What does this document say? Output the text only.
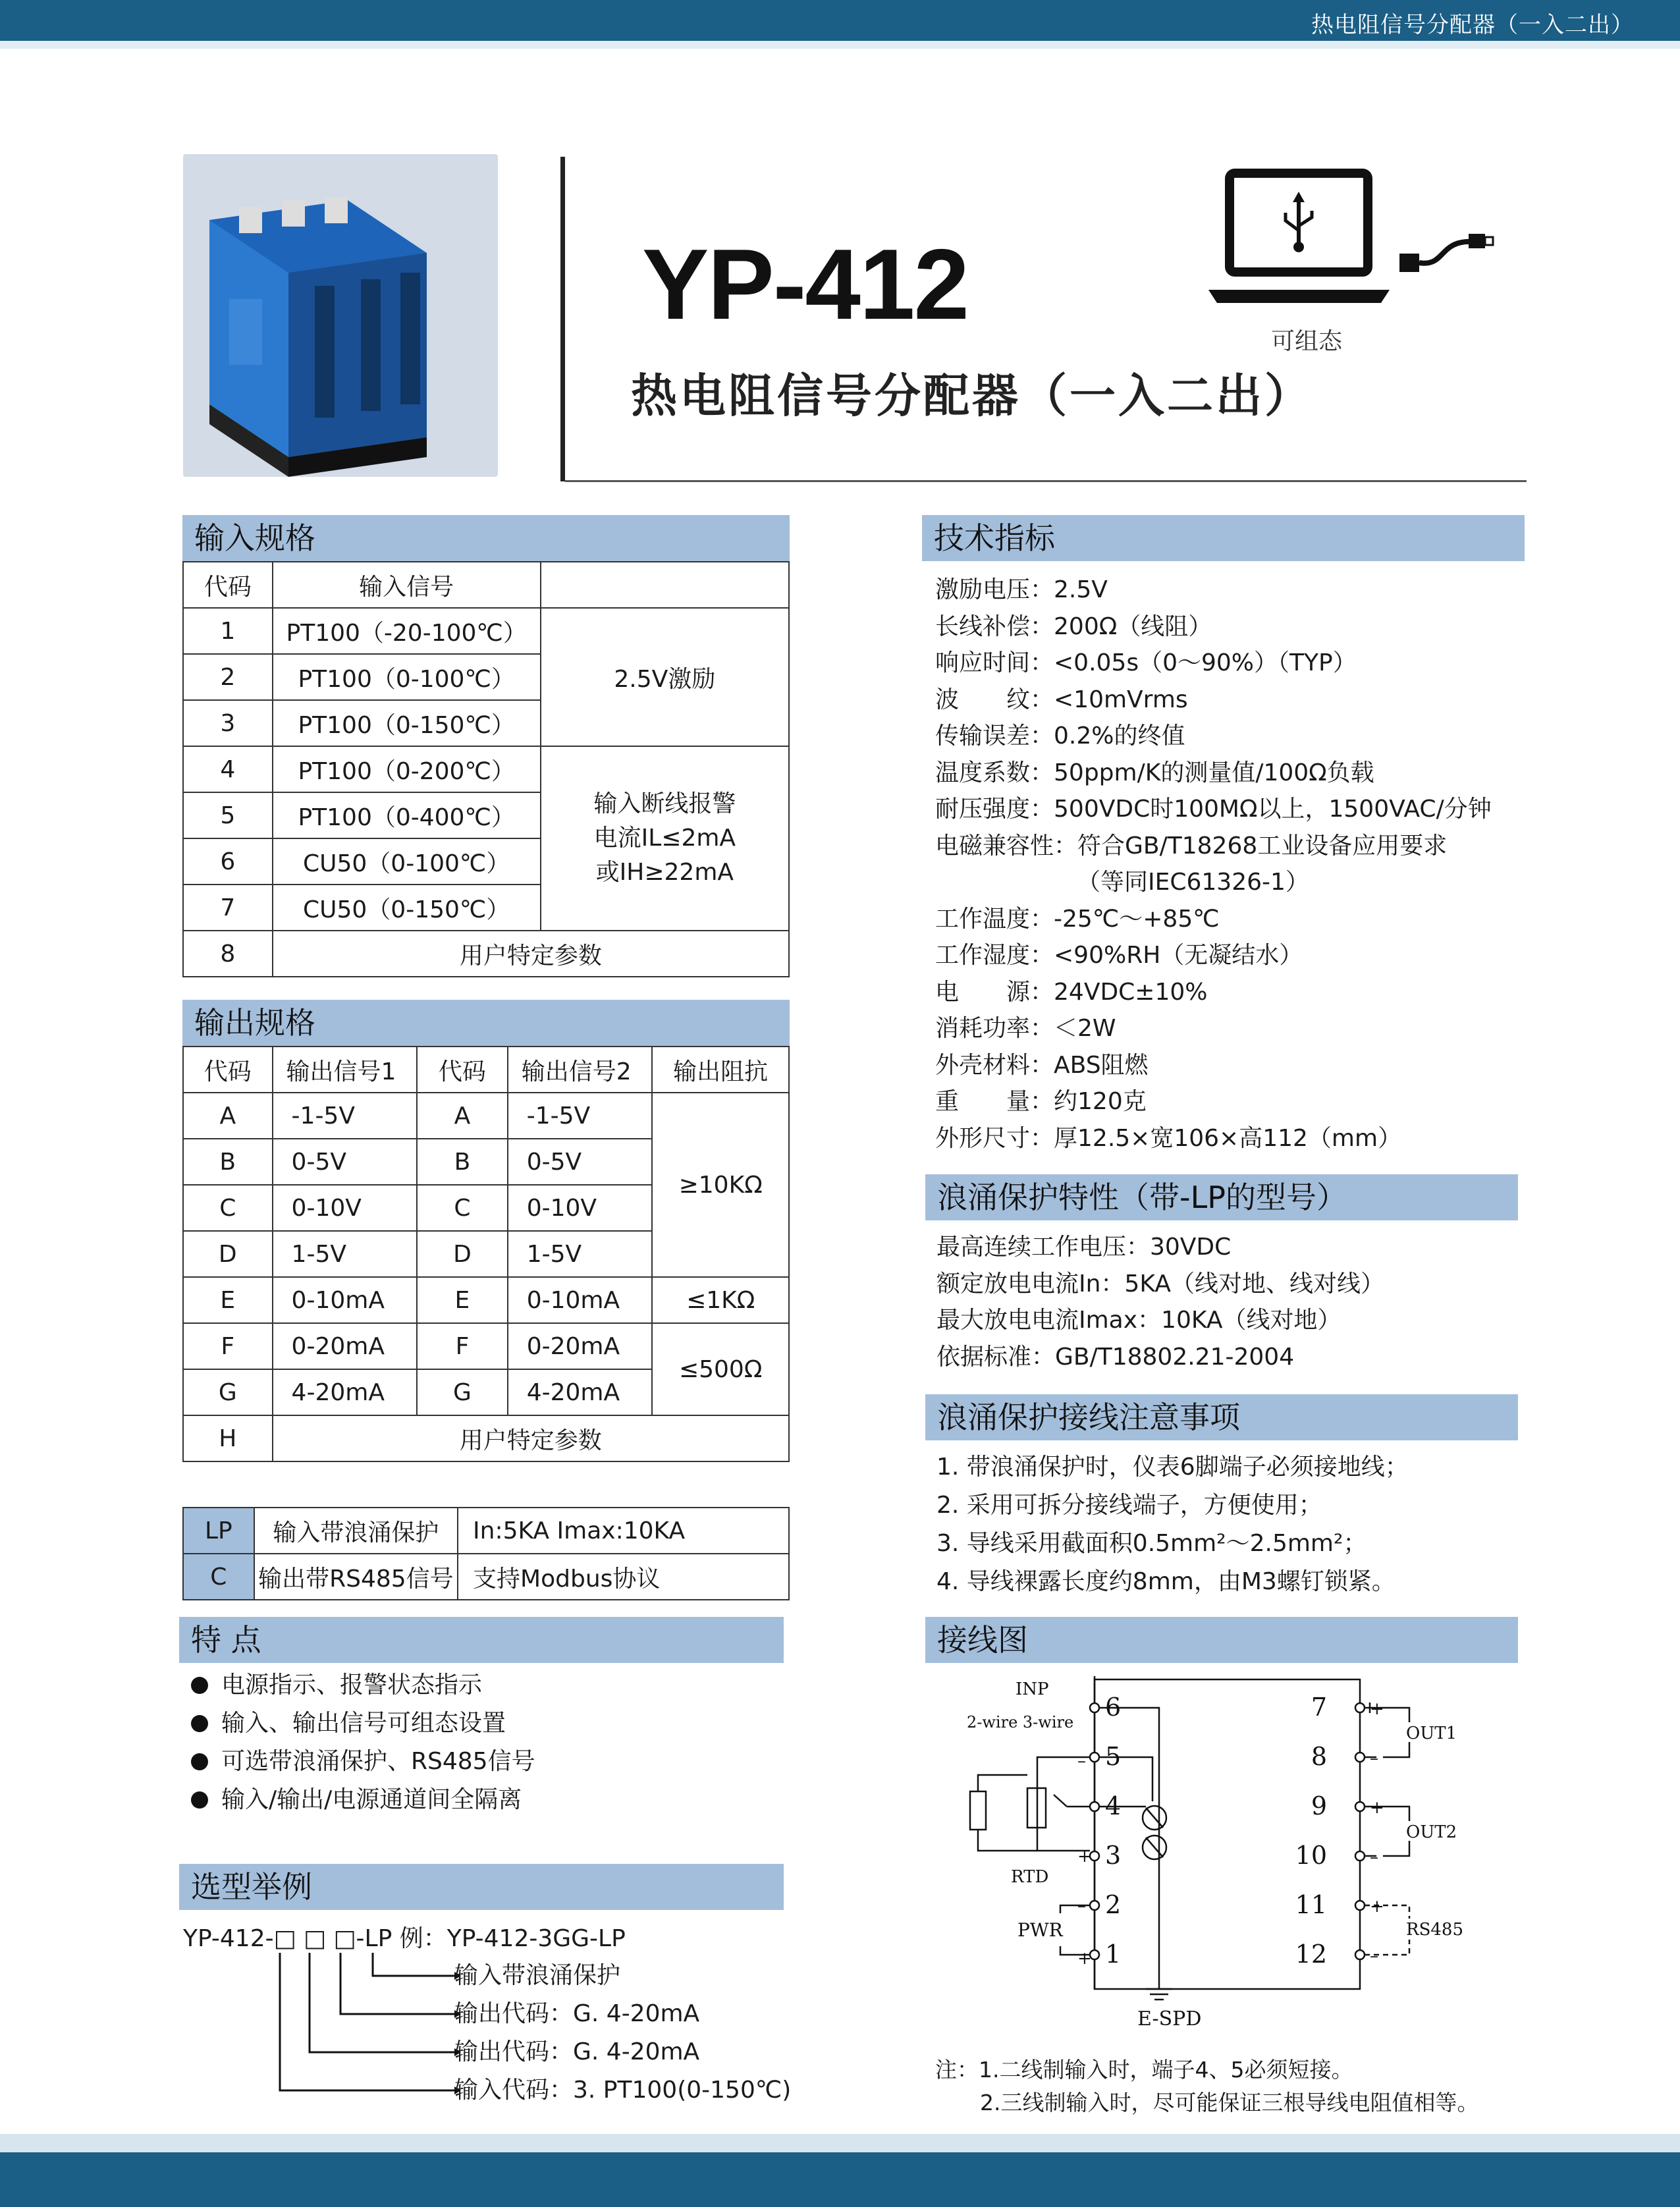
热电阻信号分配器（一入二出）
YP-412
热电阻信号分配器（一入二出）
可组态
输入规格
代码	输入信号	
1	PT100（-20-100℃）	2.5V激励
2	PT100（0-100℃）	
3	PT100（0-150℃）	
4	PT100（0-200℃）	输入断线报警
电流IL≤2mA
或IH≥22mA

5	PT100（0-400℃）	
6	CU50（0-100℃）	
7	CU50（0-150℃）	
8	用户特定参数	
输出规格
代码	输出信号1	代码	输出信号2	输出阻抗
A	-1-5V	A	-1-5V	≥10KΩ
B	0-5V	B	0-5V	
C	0-10V	C	0-10V	
D	1-5V	D	1-5V	
E	0-10mA	E	0-10mA	≤1KΩ
F	0-20mA	F	0-20mA	≤500Ω
G	4-20mA	G	4-20mA	
H	用户特定参数			
LP	输入带浪涌保护	In:5KA Imax:10KA
C	输出带RS485信号	支持Modbus协议
特 点
电源指示、报警状态指示
输入、输出信号可组态设置
可选带浪涌保护、RS485信号
输入/输出/电源通道间全隔离
选型举例
YP-412-□ □ □-LP 例：YP-412-3GG-LP
输入带浪涌保护
输出代码：G. 4-20mA
输出代码：G. 4-20mA
输入代码：3. PT100(0-150℃)
技术指标
激励电压：2.5V
长线补偿：200Ω（线阻）
响应时间：<0.05s（0～90%）（TYP）
波　　纹：<10mVrms
传输误差：0.2%的终值
温度系数：50ppm/K的测量值/100Ω负载
耐压强度：500VDC时100MΩ以上，1500VAC/分钟
电磁兼容性：符合GB/T18268工业设备应用要求
（等同IEC61326-1）
工作温度：-25℃～+85℃
工作湿度：<90%RH（无凝结水）
电　　源：24VDC±10%
消耗功率：＜2W
外壳材料：ABS阻燃
重　　量：约120克
外形尺寸：厚12.5×宽106×高112（mm）
浪涌保护特性（带-LP的型号）
最高连续工作电压：30VDC
额定放电电流In：5KA（线对地、线对线）
最大放电电流Imax：10KA（线对地）
依据标准：GB/T18802.21-2004
浪涌保护接线注意事项
1. 带浪涌保护时，仪表6脚端子必须接地线；
2. 采用可拆分接线端子，方便使用；
3. 导线采用截面积0.5mm²～2.5mm²；
4. 导线裸露长度约8mm，由M3螺钉锁紧。
接线图
6
5
4
3
2
1
7
8
9
10
11
12
+
–
+
–
+
–
OUT1
OUT2
RS485
INP
2-wire 3-wire
RTD
PWR
+
–
+
–
E-SPD
注：1.二线制输入时，端子4、5必须短接。
2.三线制输入时，尽可能保证三根导线电阻值相等。
